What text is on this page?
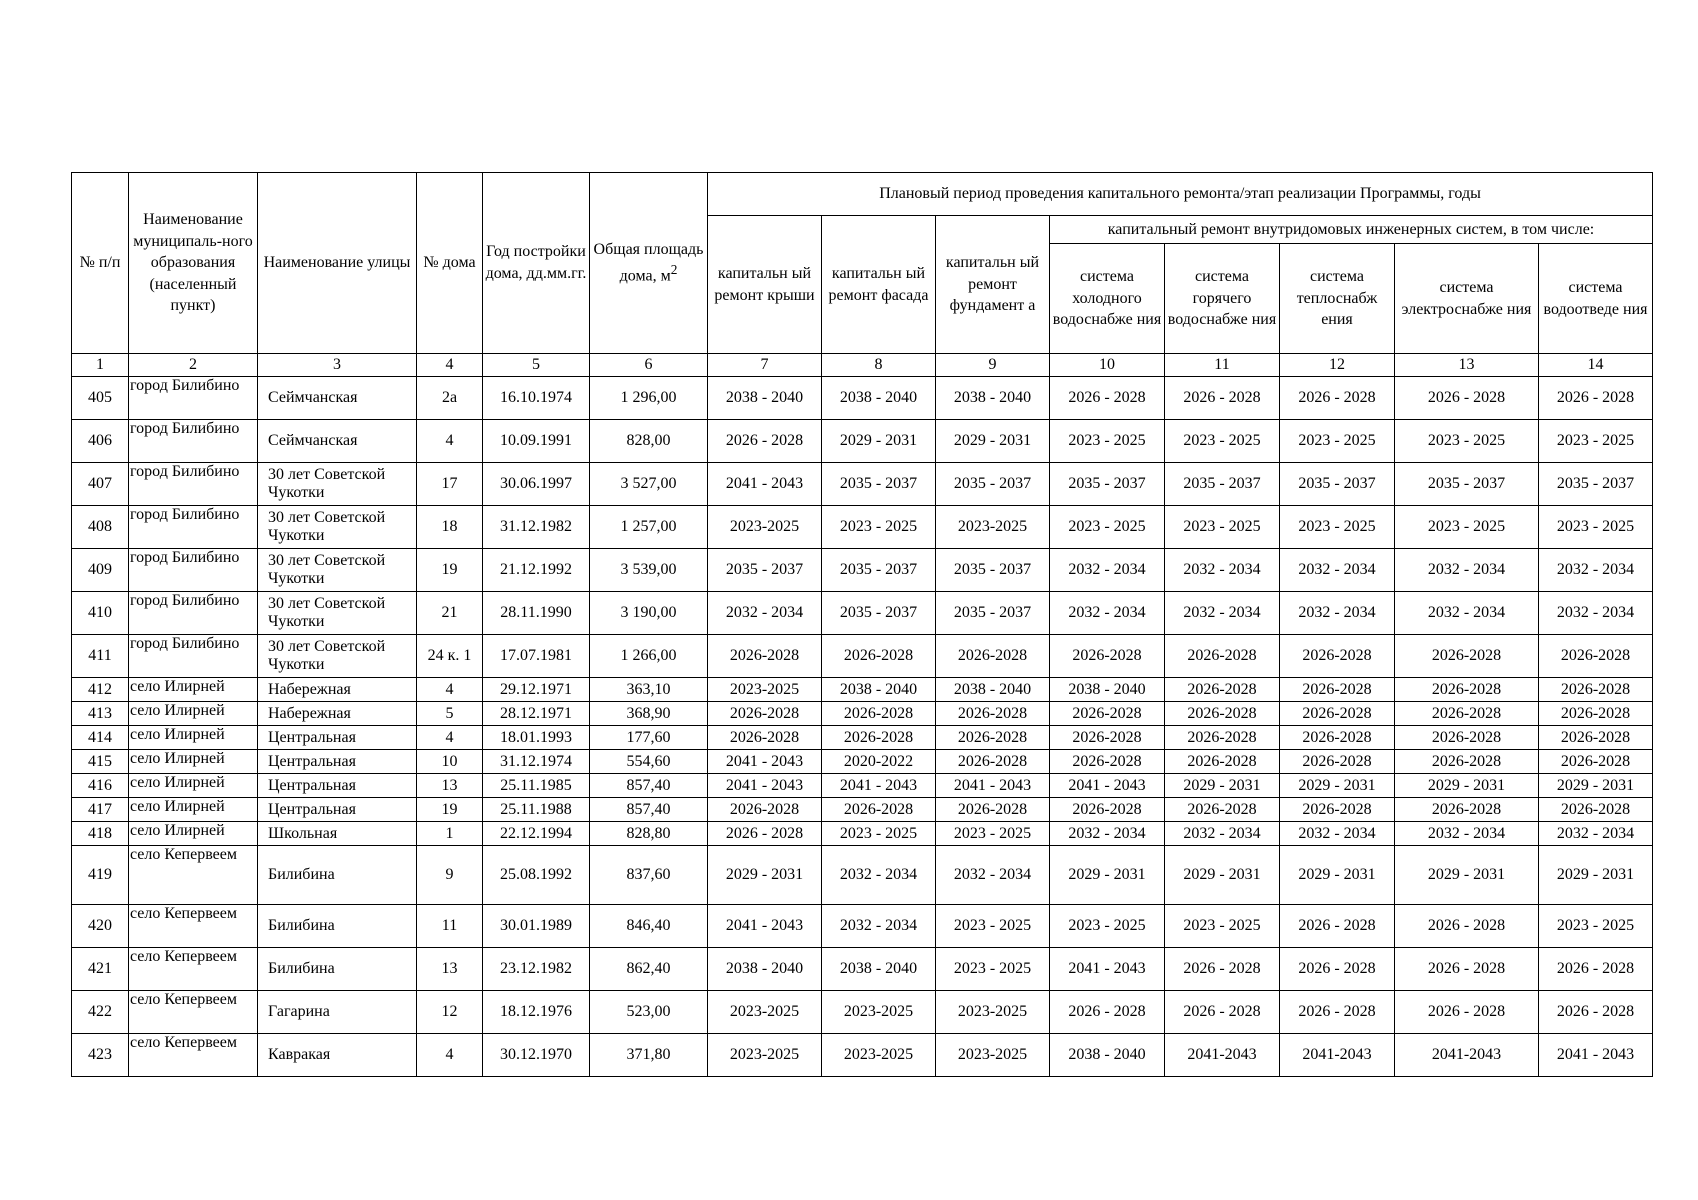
№ п/п	Наименование муниципаль-ного образования (населенный пункт)	Наименование улицы	№ дома	Год постройки дома, дд.мм.гг.	Общая площадь дома, $м^2$	Плановый период проведения капитального ремонта/этап реализации Программы, годы							
						капитальн ый ремонт крыши	капитальн ый ремонт фасада	капитальн ый ремонт фундамент а	капитальный ремонт внутридомовых инженерных систем, в том числе:				
									система холодного водоснабже ния	система горячего водоснабже ния	система теплоснабж ения	система электроснабже ния	система водоотведе ния
1	2	3	4	5	6	7	8	9	10	11	12	13	14
405	город Билибино	Сеймчанская	2а	16.10.1974	1 296,00	2038 - 2040	2038 - 2040	2038 - 2040	2026 - 2028	2026 - 2028	2026 - 2028	2026 - 2028	2026 - 2028
406	город Билибино	Сеймчанская	4	10.09.1991	828,00	2026 - 2028	2029 - 2031	2029 - 2031	2023 - 2025	2023 - 2025	2023 - 2025	2023 - 2025	2023 - 2025
407	город Билибино	30 лет Советской Чукотки	17	30.06.1997	3 527,00	2041 - 2043	2035 - 2037	2035 - 2037	2035 - 2037	2035 - 2037	2035 - 2037	2035 - 2037	2035 - 2037
408	город Билибино	30 лет Советской Чукотки	18	31.12.1982	1 257,00	2023-2025	2023 - 2025	2023-2025	2023 - 2025	2023 - 2025	2023 - 2025	2023 - 2025	2023 - 2025
409	город Билибино	30 лет Советской Чукотки	19	21.12.1992	3 539,00	2035 - 2037	2035 - 2037	2035 - 2037	2032 - 2034	2032 - 2034	2032 - 2034	2032 - 2034	2032 - 2034
410	город Билибино	30 лет Советской Чукотки	21	28.11.1990	3 190,00	2032 - 2034	2035 - 2037	2035 - 2037	2032 - 2034	2032 - 2034	2032 - 2034	2032 - 2034	2032 - 2034
411	город Билибино	30 лет Советской Чукотки	24 к. 1	17.07.1981	1 266,00	2026-2028	2026-2028	2026-2028	2026-2028	2026-2028	2026-2028	2026-2028	2026-2028
412	село Илирней	Набережная	4	29.12.1971	363,10	2023-2025	2038 - 2040	2038 - 2040	2038 - 2040	2026-2028	2026-2028	2026-2028	2026-2028
413	село Илирней	Набережная	5	28.12.1971	368,90	2026-2028	2026-2028	2026-2028	2026-2028	2026-2028	2026-2028	2026-2028	2026-2028
414	село Илирней	Центральная	4	18.01.1993	177,60	2026-2028	2026-2028	2026-2028	2026-2028	2026-2028	2026-2028	2026-2028	2026-2028
415	село Илирней	Центральная	10	31.12.1974	554,60	2041 - 2043	2020-2022	2026-2028	2026-2028	2026-2028	2026-2028	2026-2028	2026-2028
416	село Илирней	Центральная	13	25.11.1985	857,40	2041 - 2043	2041 - 2043	2041 - 2043	2041 - 2043	2029 - 2031	2029 - 2031	2029 - 2031	2029 - 2031
417	село Илирней	Центральная	19	25.11.1988	857,40	2026-2028	2026-2028	2026-2028	2026-2028	2026-2028	2026-2028	2026-2028	2026-2028
418	село Илирней	Школьная	1	22.12.1994	828,80	2026 - 2028	2023 - 2025	2023 - 2025	2032 - 2034	2032 - 2034	2032 - 2034	2032 - 2034	2032 - 2034
419	село Кепервеем	Билибина	9	25.08.1992	837,60	2029 - 2031	2032 - 2034	2032 - 2034	2029 - 2031	2029 - 2031	2029 - 2031	2029 - 2031	2029 - 2031
420	село Кепервеем	Билибина	11	30.01.1989	846,40	2041 - 2043	2032 - 2034	2023 - 2025	2023 - 2025	2023 - 2025	2026 - 2028	2026 - 2028	2023 - 2025
421	село Кепервеем	Билибина	13	23.12.1982	862,40	2038 - 2040	2038 - 2040	2023 - 2025	2041 - 2043	2026 - 2028	2026 - 2028	2026 - 2028	2026 - 2028
422	село Кепервеем	Гагарина	12	18.12.1976	523,00	2023-2025	2023-2025	2023-2025	2026 - 2028	2026 - 2028	2026 - 2028	2026 - 2028	2026 - 2028
423	село Кепервеем	Кавракая	4	30.12.1970	371,80	2023-2025	2023-2025	2023-2025	2038 - 2040	2041-2043	2041-2043	2041-2043	2041 - 2043
